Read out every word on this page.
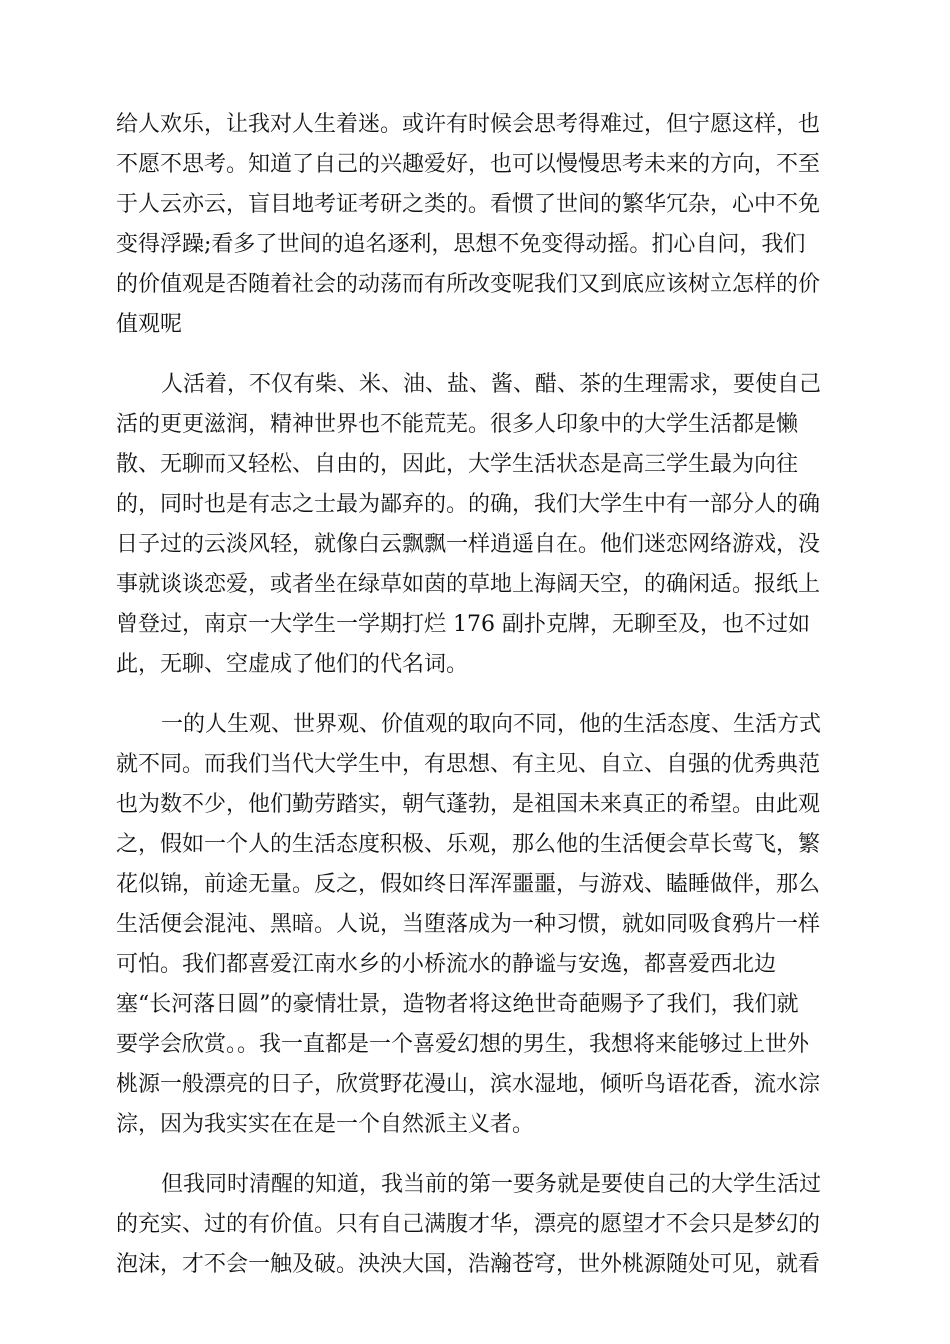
给人欢乐，让我对人生着迷。或许有时候会思考得难过，但宁愿这样，也
不愿不思考。知道了自己的兴趣爱好，也可以慢慢思考未来的方向，不至
于人云亦云，盲目地考证考研之类的。看惯了世间的繁华冗杂，心中不免
变得浮躁;看多了世间的追名逐利，思想不免变得动摇。扪心自问，我们
的价值观是否随着社会的动荡而有所改变呢我们又到底应该树立怎样的价
值观呢
人活着，不仅有柴、米、油、盐、酱、醋、茶的生理需求，要使自己
活的更更滋润，精神世界也不能荒芜。很多人印象中的大学生活都是懒
散、无聊而又轻松、自由的，因此，大学生活状态是高三学生最为向往
的，同时也是有志之士最为鄙弃的。的确，我们大学生中有一部分人的确
日子过的云淡风轻，就像白云飘飘一样逍遥自在。他们迷恋网络游戏，没
事就谈谈恋爱，或者坐在绿草如茵的草地上海阔天空，的确闲适。报纸上
曾登过，南京一大学生一学期打烂 176 副扑克牌，无聊至及，也不过如
此，无聊、空虚成了他们的代名词。
一的人生观、世界观、价值观的取向不同，他的生活态度、生活方式
就不同。而我们当代大学生中，有思想、有主见、自立、自强的优秀典范
也为数不少，他们勤劳踏实，朝气蓬勃，是祖国未来真正的希望。由此观
之，假如一个人的生活态度积极、乐观，那么他的生活便会草长莺飞，繁
花似锦，前途无量。反之，假如终日浑浑噩噩，与游戏、瞌睡做伴，那么
生活便会混沌、黑暗。人说，当堕落成为一种习惯，就如同吸食鸦片一样
可怕。我们都喜爱江南水乡的小桥流水的静谧与安逸，都喜爱西北边
塞“长河落日圆”的豪情壮景，造物者将这绝世奇葩赐予了我们，我们就
要学会欣赏。。我一直都是一个喜爱幻想的男生，我想将来能够过上世外
桃源一般漂亮的日子，欣赏野花漫山，滨水湿地，倾听鸟语花香，流水淙
淙，因为我实实在在是一个自然派主义者。
但我同时清醒的知道，我当前的第一要务就是要使自己的大学生活过
的充实、过的有价值。只有自己满腹才华，漂亮的愿望才不会只是梦幻的
泡沫，才不会一触及破。泱泱大国，浩瀚苍穹，世外桃源随处可见，就看
